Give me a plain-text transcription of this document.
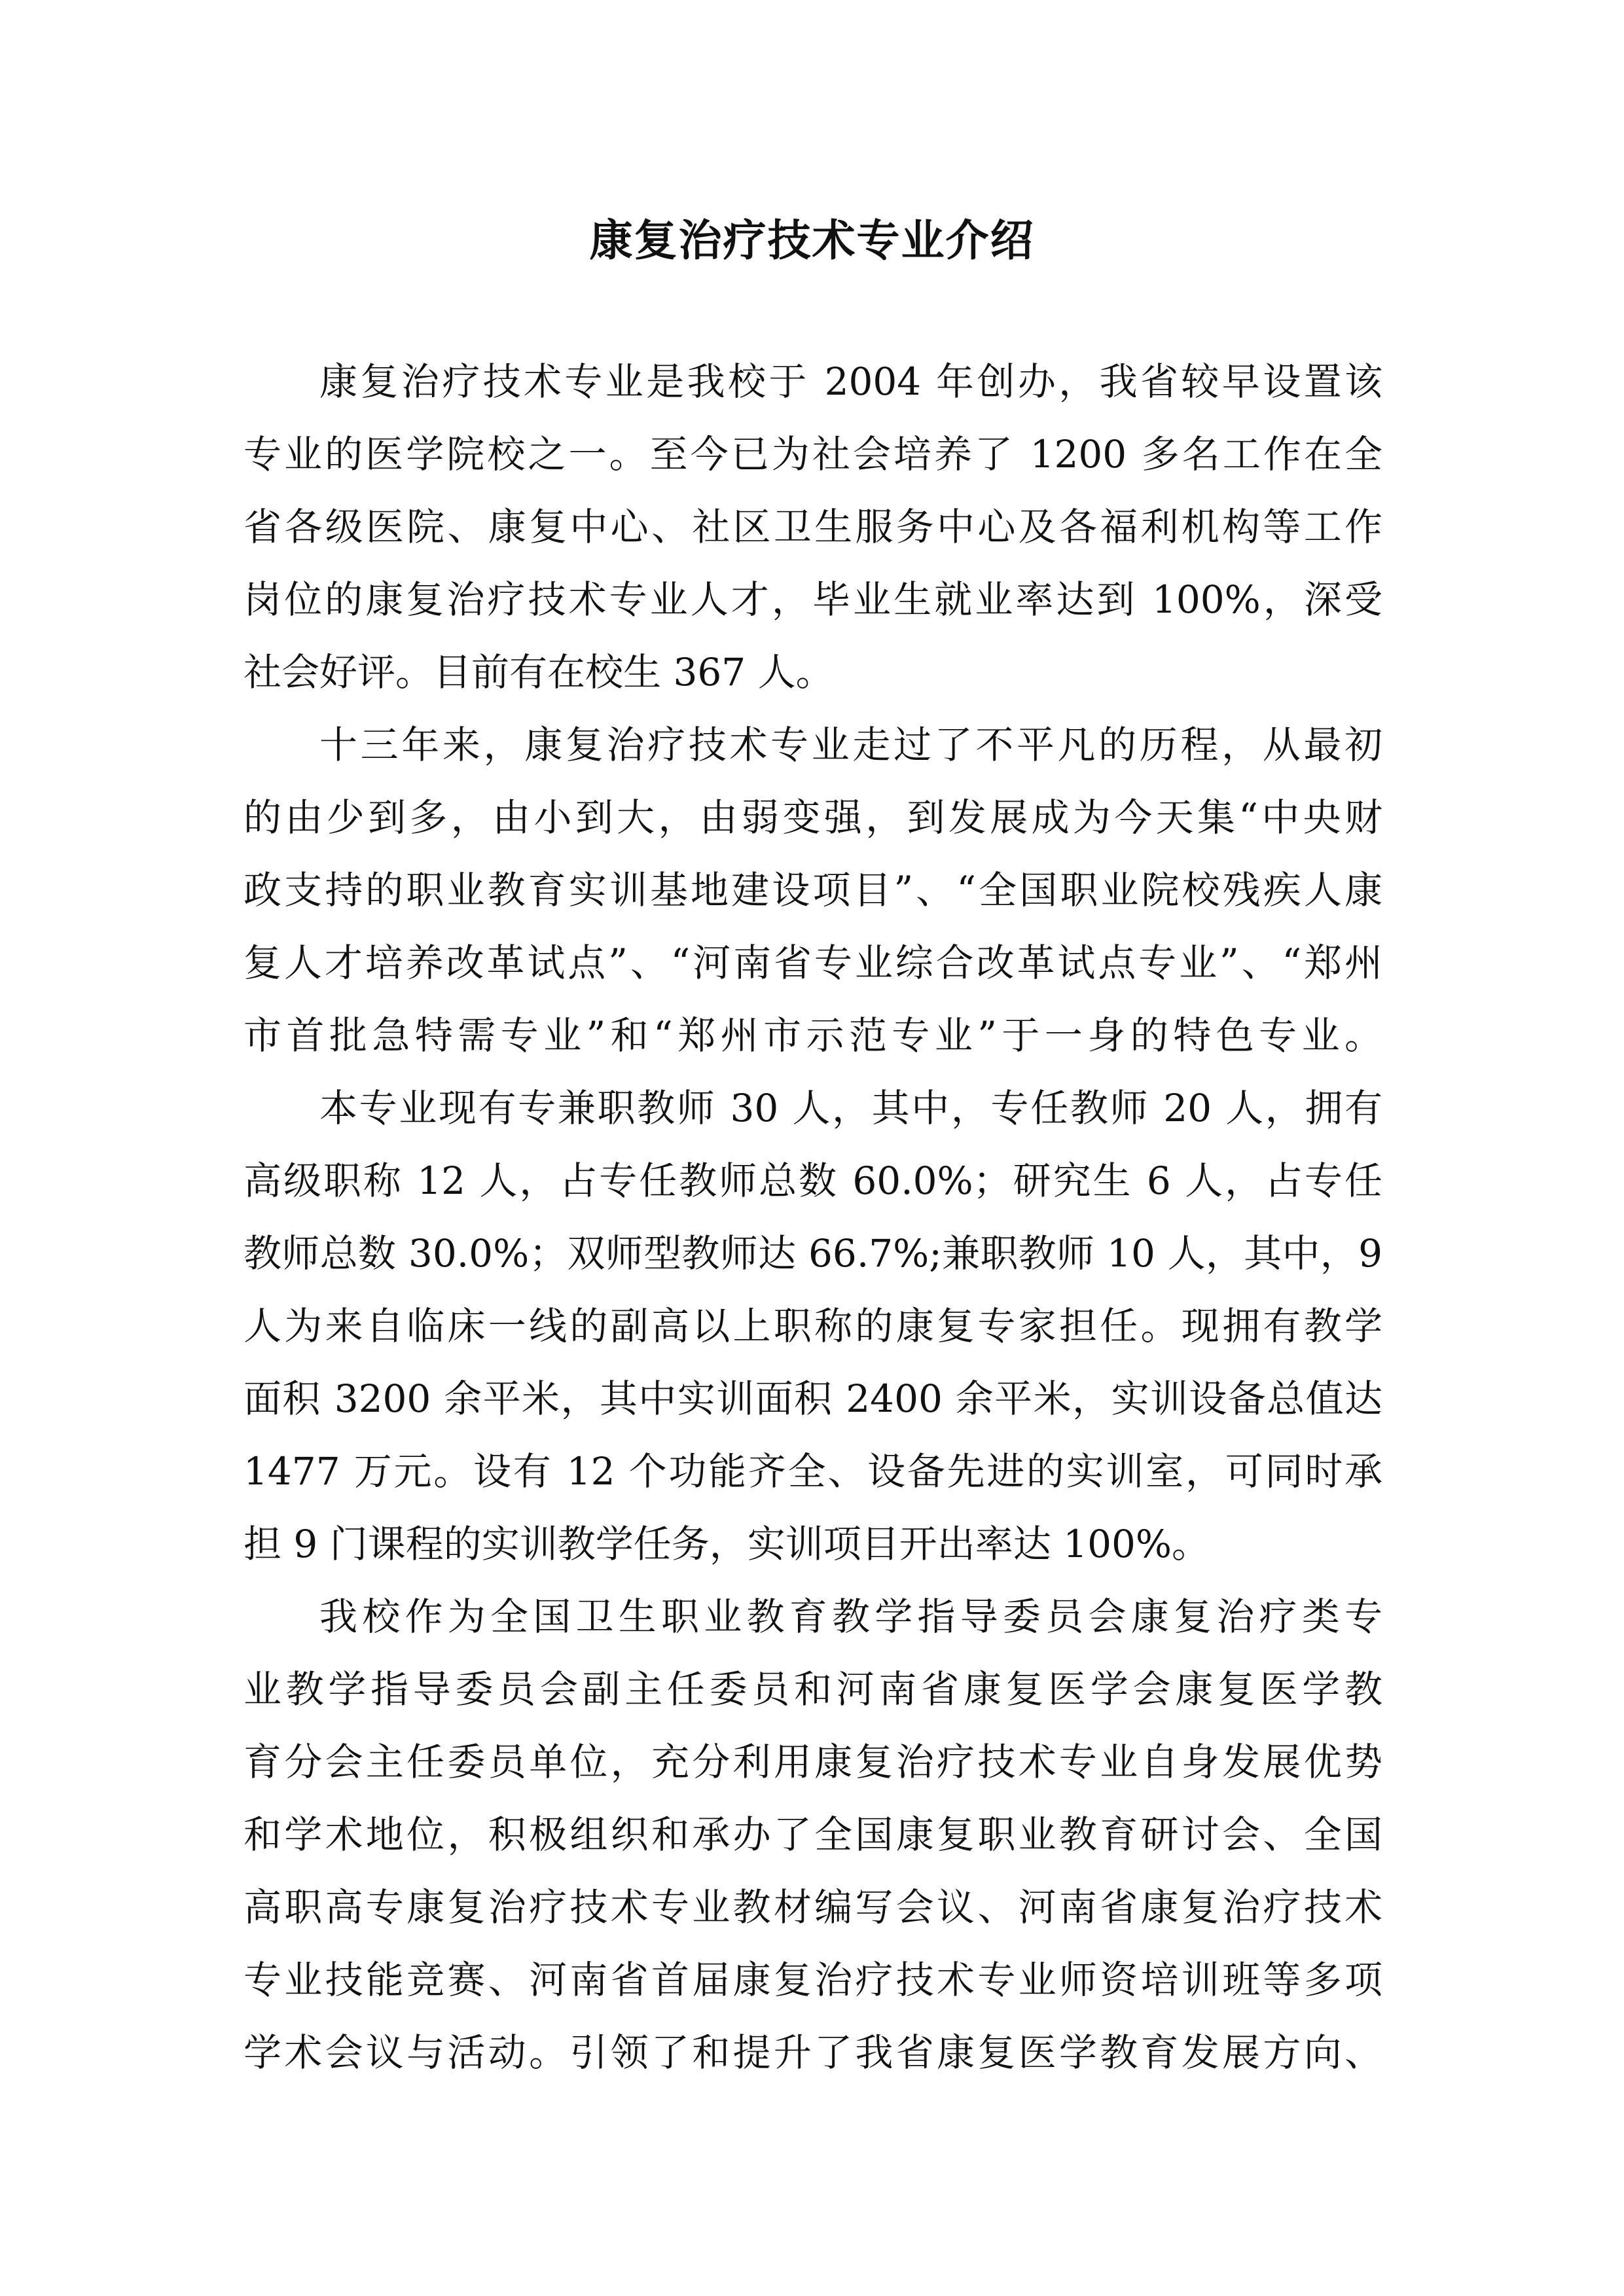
康复治疗技术专业介绍
康复治疗技术专业是我校于 2004 年创办，我省较早设置该
专业的医学院校之一。至今已为社会培养了 1200 多名工作在全
省各级医院、康复中心、社区卫生服务中心及各福利机构等工作
岗位的康复治疗技术专业人才，毕业生就业率达到 100%，深受
社会好评。目前有在校生 367 人。
十三年来，康复治疗技术专业走过了不平凡的历程，从最初
的由少到多，由小到大，由弱变强，到发展成为今天集“中央财
政支持的职业教育实训基地建设项目”、“全国职业院校残疾人康
复人才培养改革试点”、“河南省专业综合改革试点专业”、“郑州
市首批急特需专业”和“郑州市示范专业”于一身的特色专业。
本专业现有专兼职教师 30 人，其中，专任教师 20 人，拥有
高级职称 12 人，占专任教师总数 60.0%；研究生 6 人，占专任
教师总数 30.0%；双师型教师达 66.7%;兼职教师 10 人，其中，9
人为来自临床一线的副高以上职称的康复专家担任。现拥有教学
面积 3200 余平米，其中实训面积 2400 余平米，实训设备总值达
1477 万元。设有 12 个功能齐全、设备先进的实训室，可同时承
担 9 门课程的实训教学任务，实训项目开出率达 100%。
我校作为全国卫生职业教育教学指导委员会康复治疗类专
业教学指导委员会副主任委员和河南省康复医学会康复医学教
育分会主任委员单位，充分利用康复治疗技术专业自身发展优势
和学术地位，积极组织和承办了全国康复职业教育研讨会、全国
高职高专康复治疗技术专业教材编写会议、河南省康复治疗技术
专业技能竞赛、河南省首届康复治疗技术专业师资培训班等多项
学术会议与活动。引领了和提升了我省康复医学教育发展方向、
